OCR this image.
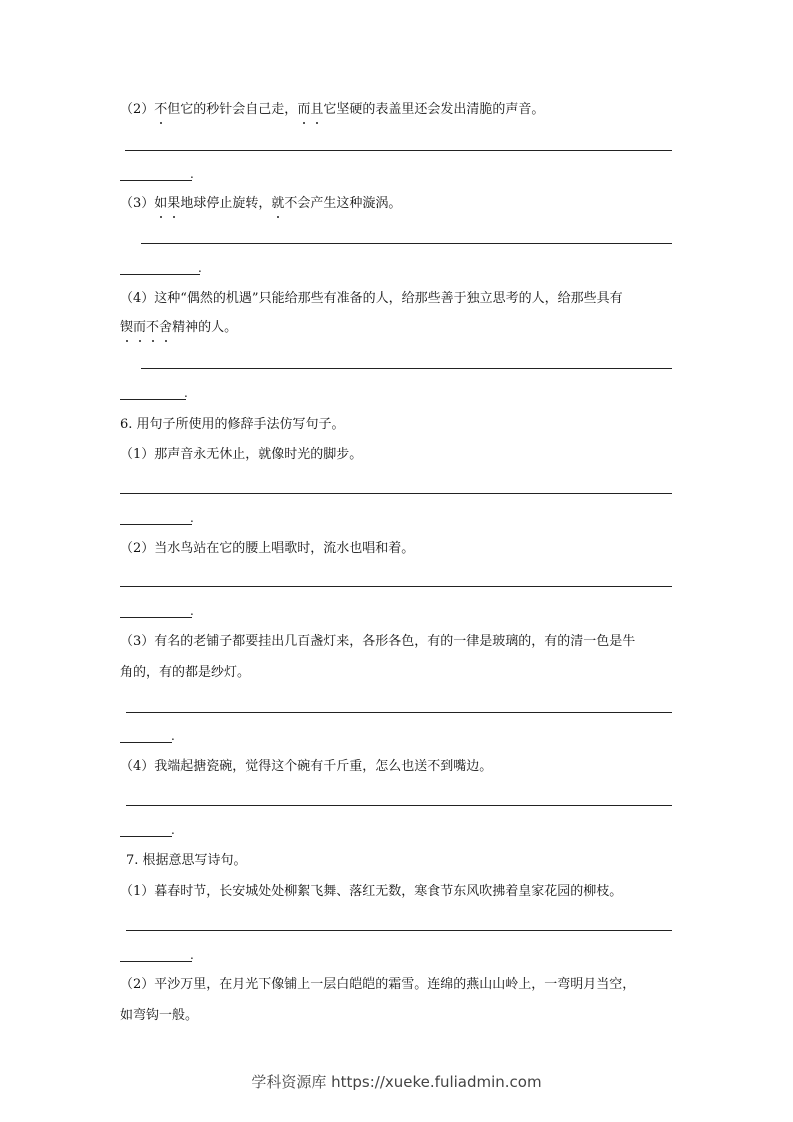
（2）不但它的秒针会自己走，而且它坚硬的表盖里还会发出清脆的声音。
.
（3）如果地球停止旋转，就不会产生这种漩涡。
.
（4）这种“偶然的机遇”只能给那些有准备的人，给那些善于独立思考的人，给那些具有
锲而不舍精神的人。
.
6. 用句子所使用的修辞手法仿写句子。
（1）那声音永无休止，就像时光的脚步。
.
（2）当水鸟站在它的腰上唱歌时，流水也唱和着。
.
（3）有名的老铺子都要挂出几百盏灯来，各形各色，有的一律是玻璃的，有的清一色是牛
角的，有的都是纱灯。
.
（4）我端起搪瓷碗，觉得这个碗有千斤重，怎么也送不到嘴边。
.
7. 根据意思写诗句。
（1）暮春时节，长安城处处柳絮飞舞、落红无数，寒食节东风吹拂着皇家花园的柳枝。
.
（2）平沙万里，在月光下像铺上一层白皑皑的霜雪。连绵的燕山山岭上，一弯明月当空，
如弯钩一般。
学科资源库 https://xueke.fuliadmin.com
